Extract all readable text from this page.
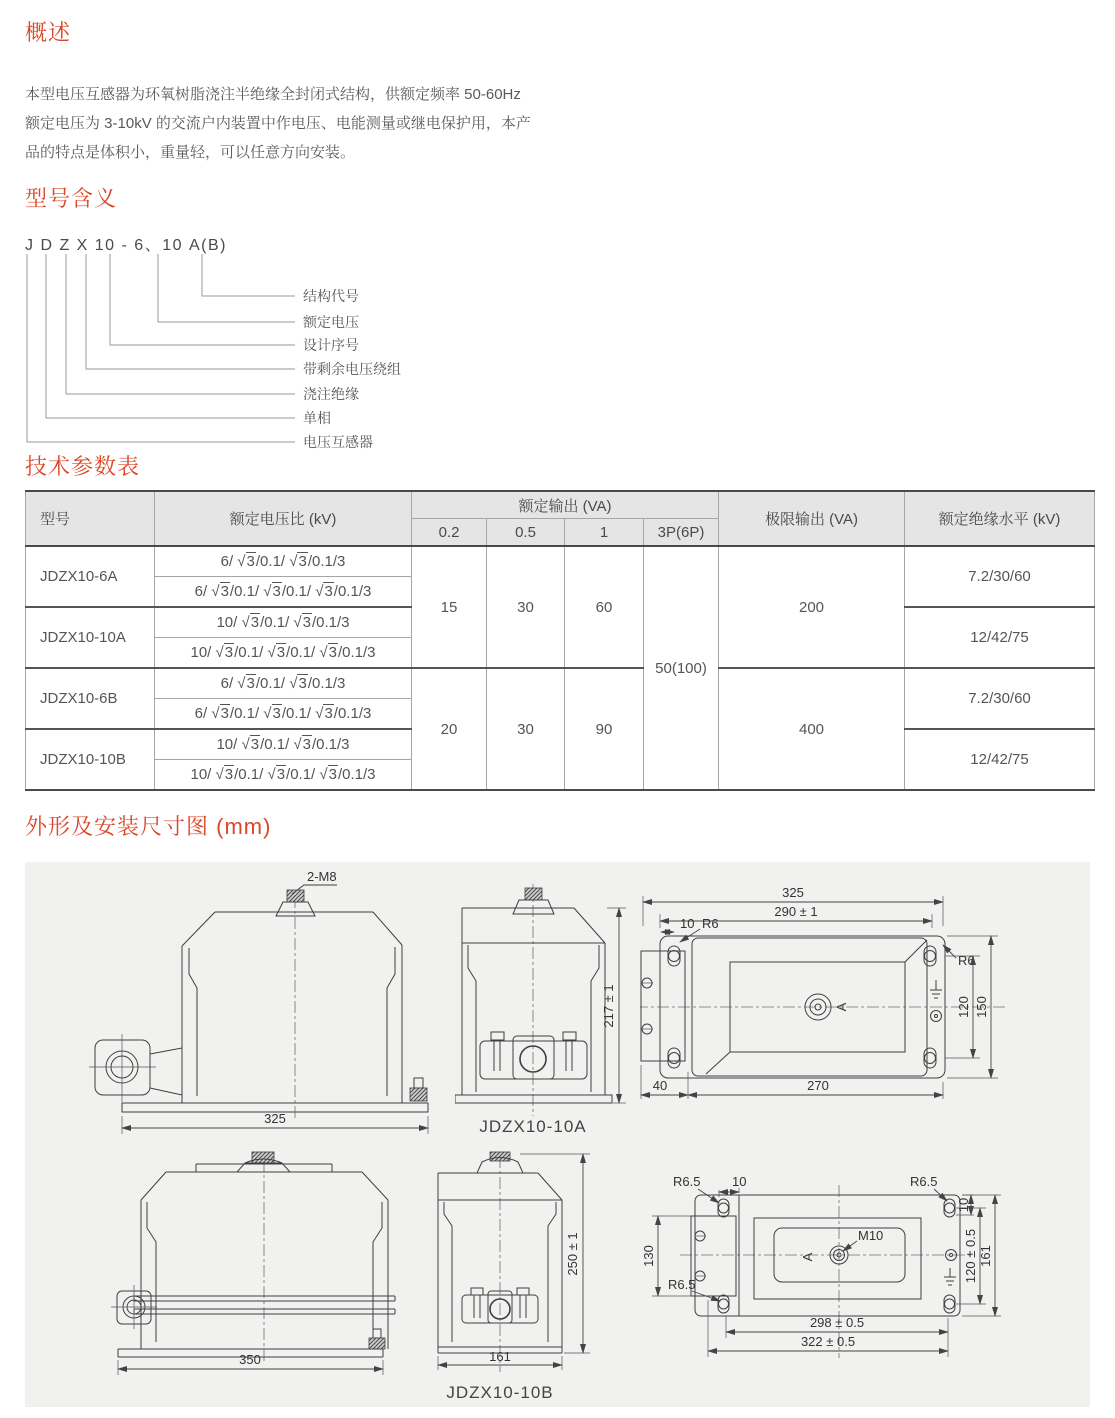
概述

本型电压互感器为环氧树脂浇注半绝缘全封闭式结构，供额定频率 50-60Hz 额定电压为 3-10kV 的交流户内装置中作电压、电能测量或继电保护用，本产品的特点是体积小，重量轻，可以任意方向安装。

型号含义
J D Z X 10 - 6、10 A(B)
结构代号
额定电压
设计序号
带剩余电压绕组
浇注绝缘
单相
电压互感器
技术参数表
型号	额定电压比 (kV)	额定输出 (VA)				极限输出 (VA)	额定绝缘水平 (kV)
		0.2	0.5	1	3P(6P)		
JDZX10-6A	6/ √3/0.1/ √3/0.1/3	15	30	60	50(100)	200	7.2/30/60
	6/ √3/0.1/ √3/0.1/ √3/0.1/3						
JDZX10-10A	10/ √3/0.1/ √3/0.1/3						12/42/75
	10/ √3/0.1/ √3/0.1/ √3/0.1/3						
JDZX10-6B	6/ √3/0.1/ √3/0.1/3	20	30	90		400	7.2/30/60
	6/ √3/0.1/ √3/0.1/ √3/0.1/3						
JDZX10-10B	10/ √3/0.1/ √3/0.1/3						12/42/75
	10/ √3/0.1/ √3/0.1/ √3/0.1/3						
外形及安装尺寸图 (mm)
2-M8
325
217 ± 1
JDZX10-10A
325
290 ± 1
A
10 R6
R6
120 150
40	270
350
250 ± 1
161
JDZX10-10B
M10
A
130
R6.5 10	R6.5
10
R6.5
120 ± 0.5 161
298 ± 0.5
322 ± 0.5
